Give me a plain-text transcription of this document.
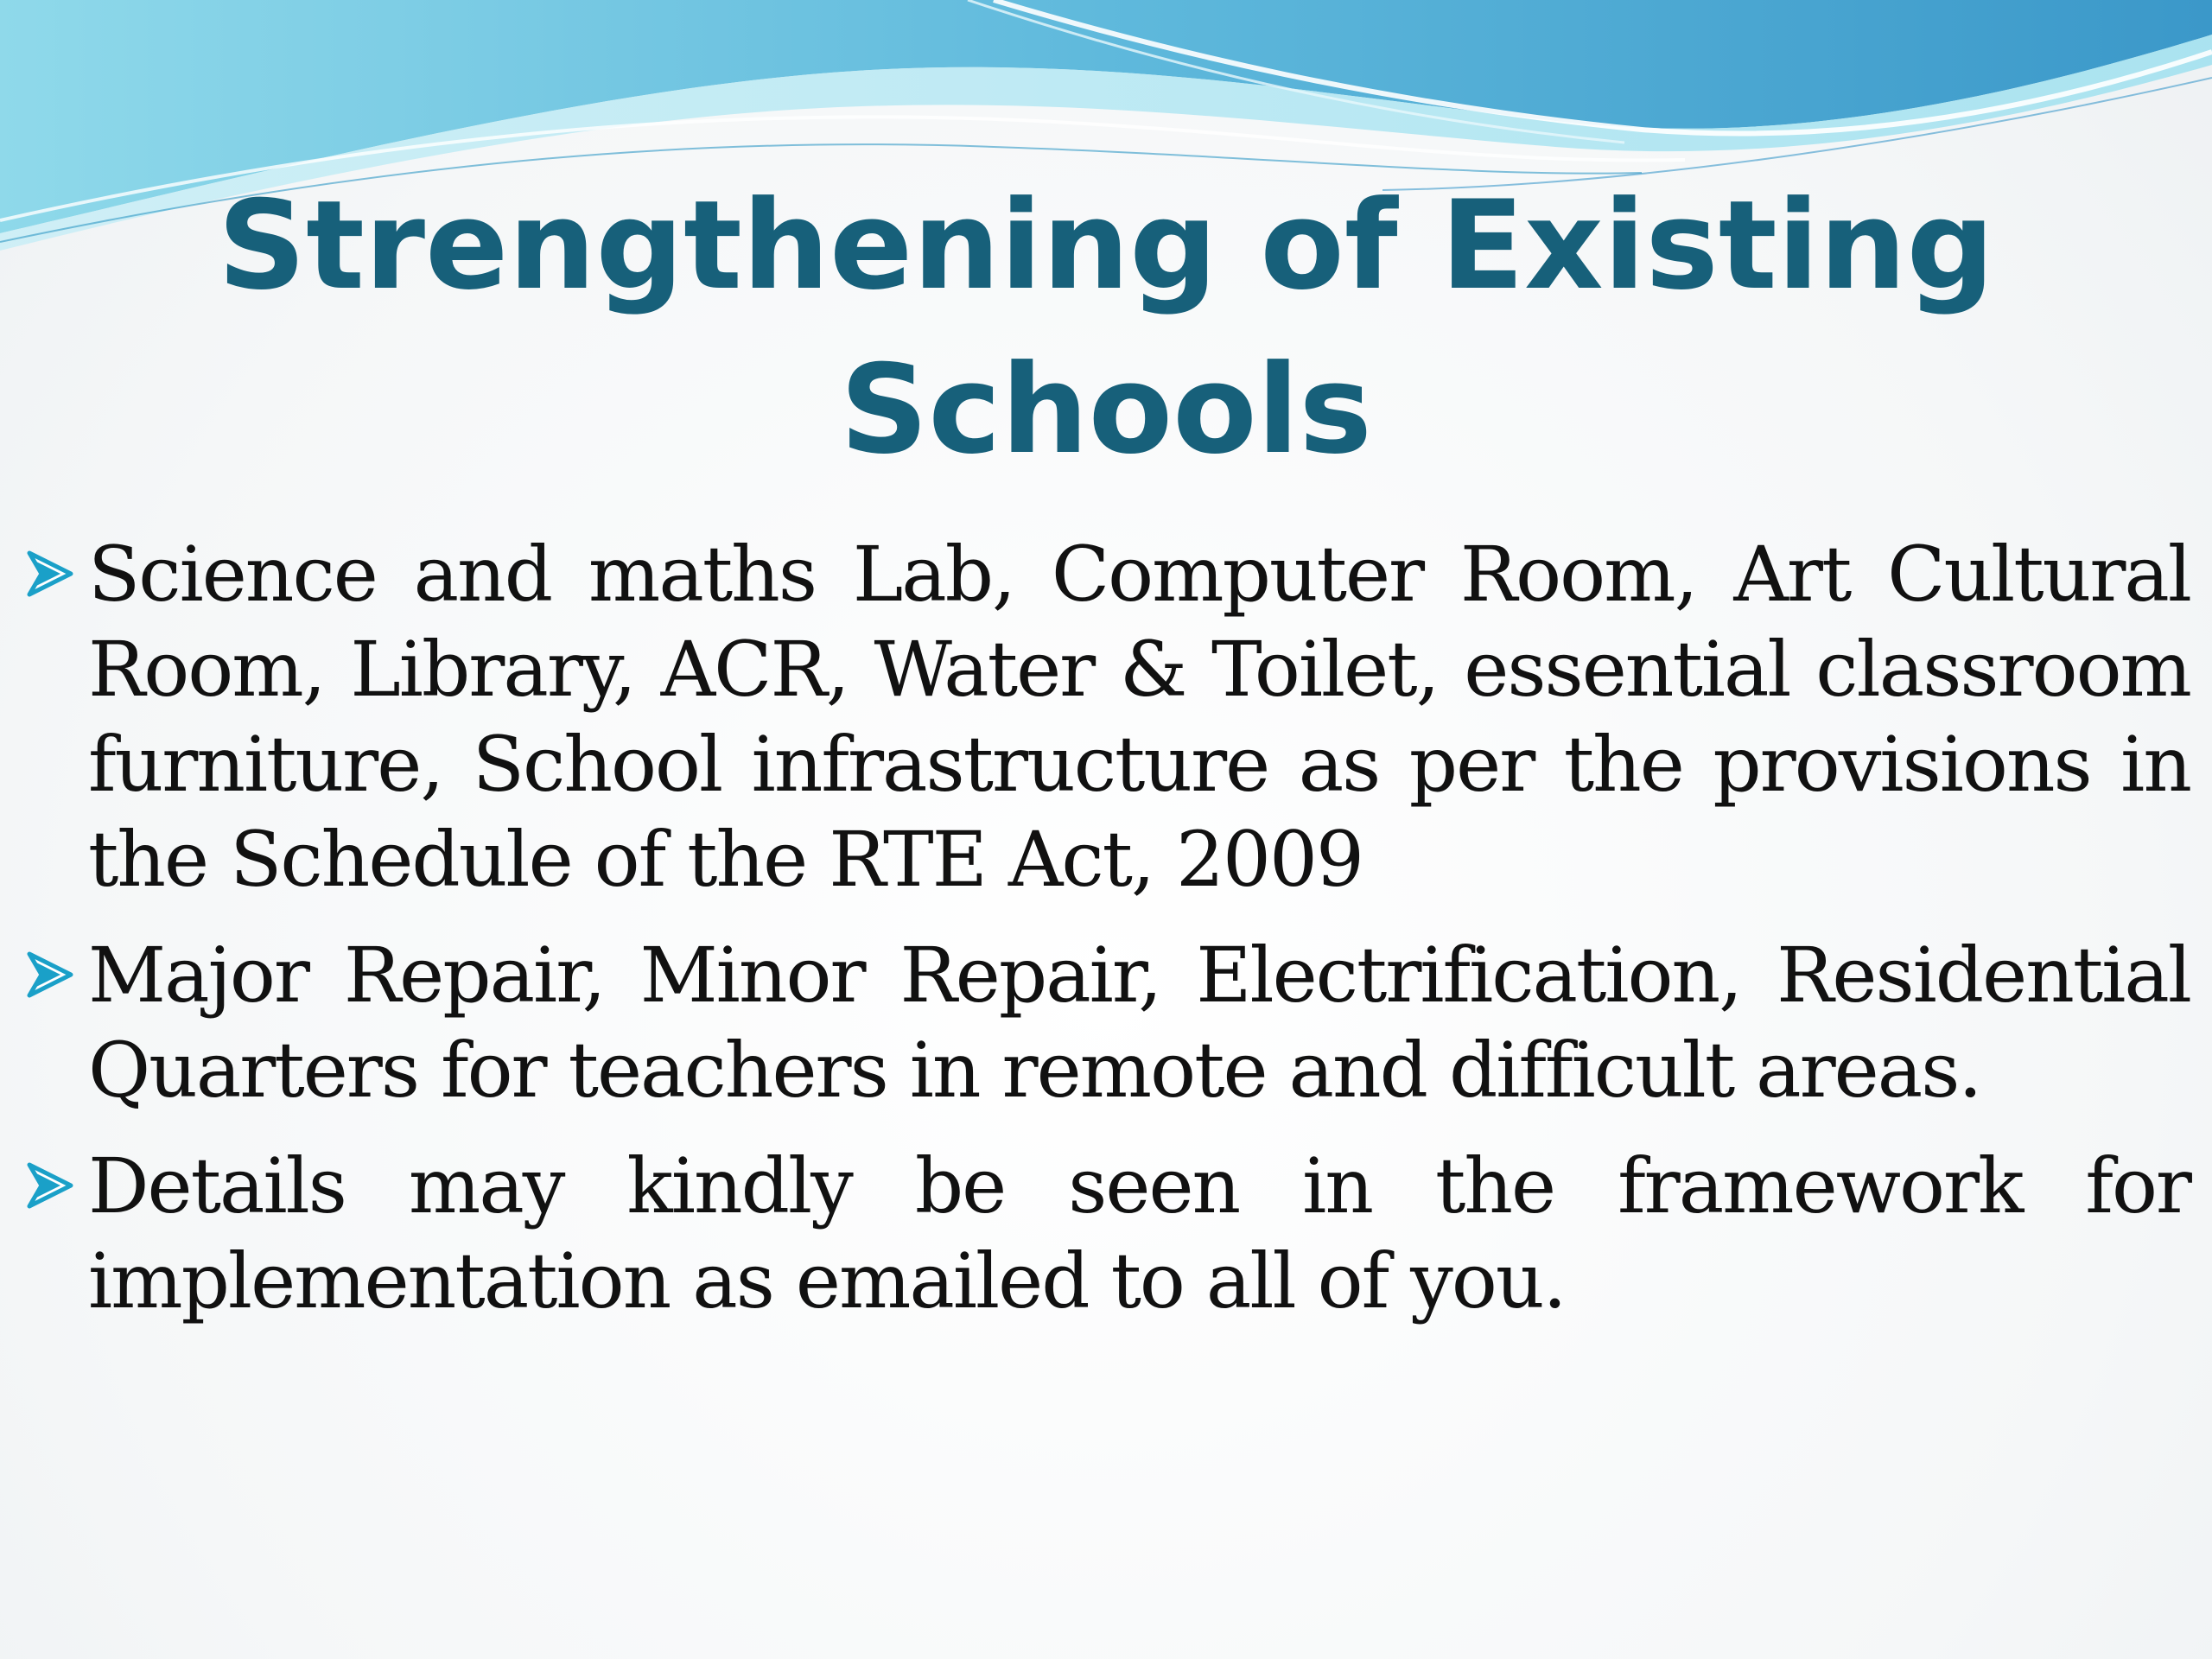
Strengthening of Existing Schools
Science and maths Lab, Computer Room, Art Cultural Room, Library, ACR, Water & Toilet, essential classroom furniture, School infrastructure as per the provisions in the Schedule of the RTE Act, 2009
Major Repair, Minor Repair, Electrification, Residential Quarters for teachers in remote and difficult areas.
Details may kindly be seen in the framework for implementation as emailed to all of you.
